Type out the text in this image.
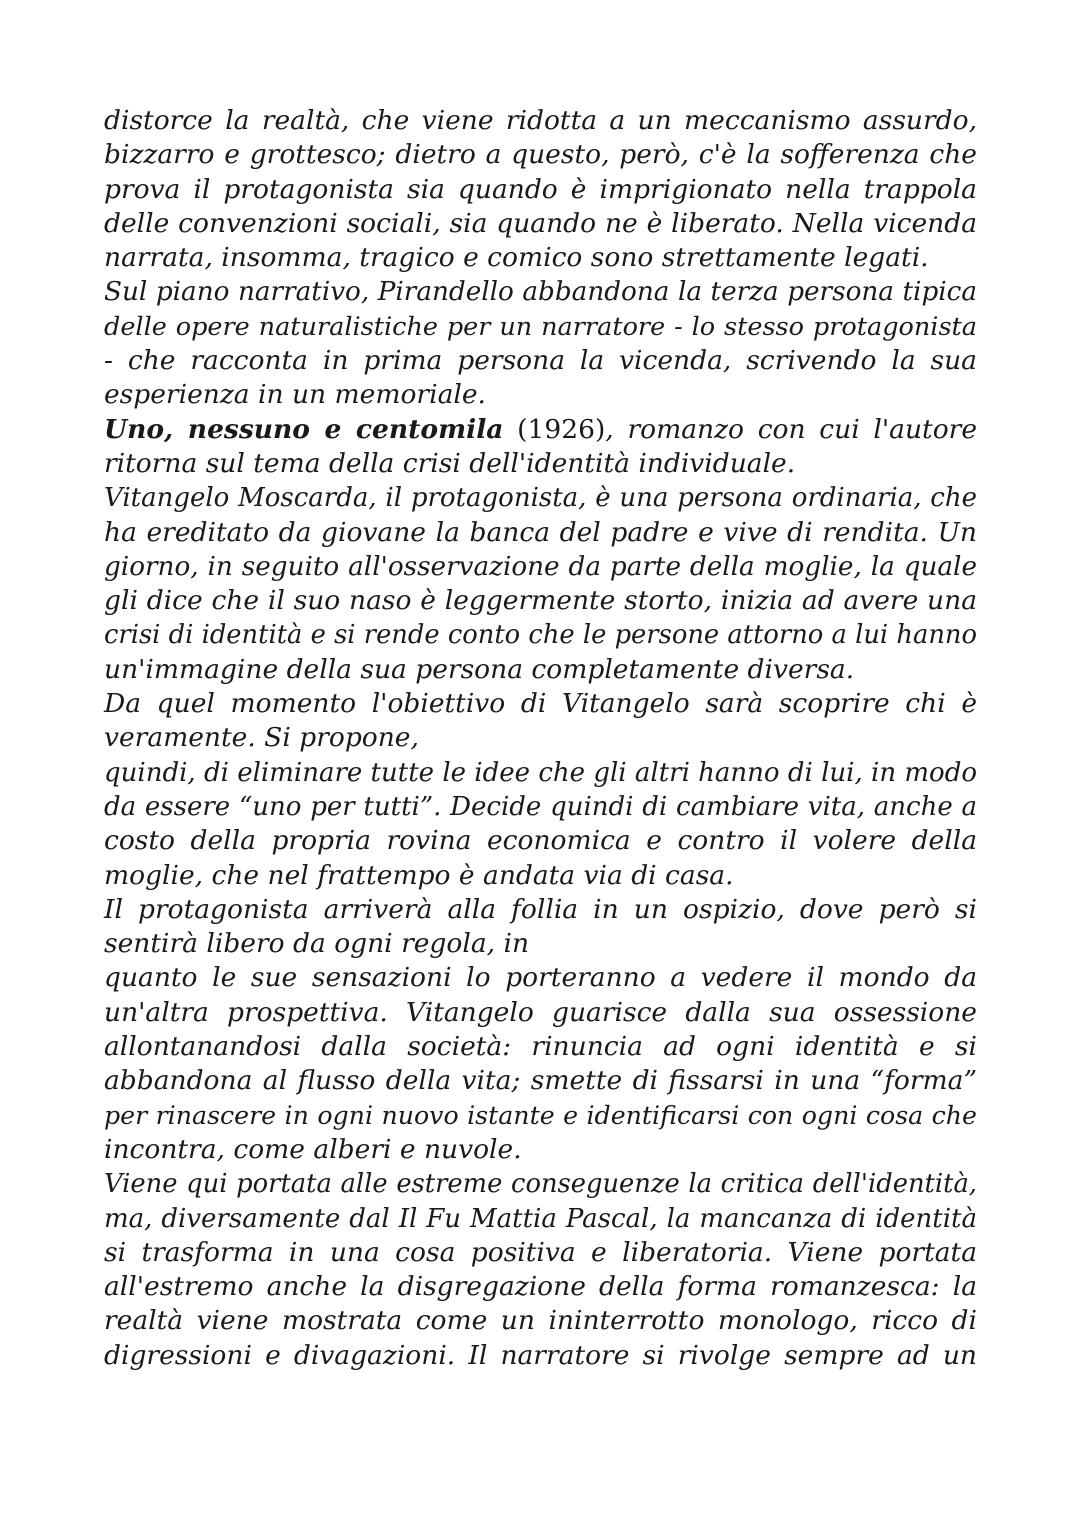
distorce la realtà, che viene ridotta a un meccanismo assurdo,
bizzarro e grottesco; dietro a questo, però, c'è la sofferenza che
prova il protagonista sia quando è imprigionato nella trappola
delle convenzioni sociali, sia quando ne è liberato. Nella vicenda
narrata, insomma, tragico e comico sono strettamente legati.
Sul piano narrativo, Pirandello abbandona la terza persona tipica
delle opere naturalistiche per un narratore - lo stesso protagonista
- che racconta in prima persona la vicenda, scrivendo la sua
esperienza in un memoriale.
Uno, nessuno e centomila (1926), romanzo con cui l'autore
ritorna sul tema della crisi dell'identità individuale.
Vitangelo Moscarda, il protagonista, è una persona ordinaria, che
ha ereditato da giovane la banca del padre e vive di rendita. Un
giorno, in seguito all'osservazione da parte della moglie, la quale
gli dice che il suo naso è leggermente storto, inizia ad avere una
crisi di identità e si rende conto che le persone attorno a lui hanno
un'immagine della sua persona completamente diversa.
Da quel momento l'obiettivo di Vitangelo sarà scoprire chi è
veramente. Si propone,
quindi, di eliminare tutte le idee che gli altri hanno di lui, in modo
da essere “uno per tutti”. Decide quindi di cambiare vita, anche a
costo della propria rovina economica e contro il volere della
moglie, che nel frattempo è andata via di casa.
Il protagonista arriverà alla follia in un ospizio, dove però si
sentirà libero da ogni regola, in
quanto le sue sensazioni lo porteranno a vedere il mondo da
un'altra prospettiva. Vitangelo guarisce dalla sua ossessione
allontanandosi dalla società: rinuncia ad ogni identità e si
abbandona al flusso della vita; smette di fissarsi in una “forma”
per rinascere in ogni nuovo istante e identificarsi con ogni cosa che
incontra, come alberi e nuvole.
Viene qui portata alle estreme conseguenze la critica dell'identità,
ma, diversamente dal Il Fu Mattia Pascal, la mancanza di identità
si trasforma in una cosa positiva e liberatoria. Viene portata
all'estremo anche la disgregazione della forma romanzesca: la
realtà viene mostrata come un ininterrotto monologo, ricco di
digressioni e divagazioni. Il narratore si rivolge sempre ad un
